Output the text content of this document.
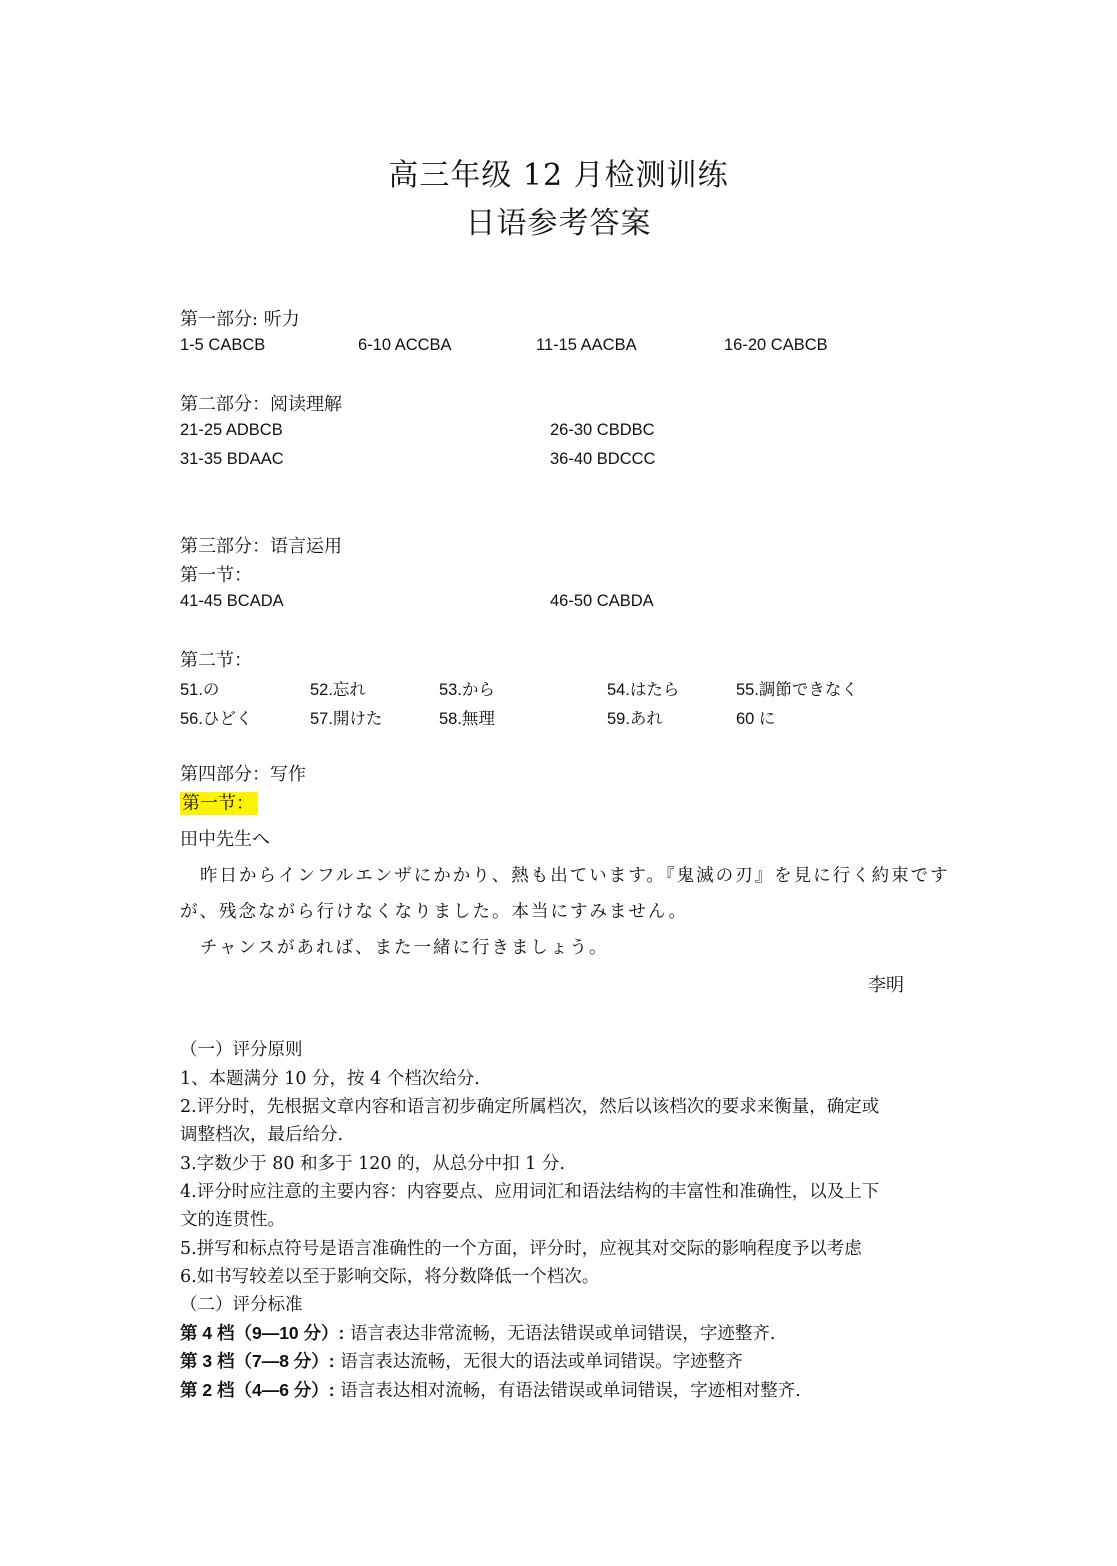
高三年级 12 月检测训练
日语参考答案
第一部分: 听力
1-5 CABCB	6-10 ACCBA	11-15 AACBA	16-20 CABCB
第二部分：阅读理解
21-25 ADBCB	26-30 CBDBC
31-35 BDAAC	36-40 BDCCC
第三部分：语言运用
第一节：
41-45 BCADA	46-50 CABDA
第二节：
51.の	52.忘れ	53.から	54.はたら	55.調節できなく
56.ひどく	57.開けた	58.無理	59.あれ	60 に
第四部分：写作
第一节：
田中先生へ
昨日からインフルエンザにかかり、熱も出ています。『鬼滅の刃』を見に行く約束です
が、残念ながら行けなくなりました。本当にすみません。
チャンスがあれば、また一緒に行きましょう。
李明
（一）评分原则
1、本题满分 10 分，按 4 个档次给分.
2.评分时，先根据文章内容和语言初步确定所属档次，然后以该档次的要求来衡量，确定或
调整档次，最后给分.
3.字数少于 80 和多于 120 的，从总分中扣 1 分.
4.评分时应注意的主要内容：内容要点、应用词汇和语法结构的丰富性和准确性，以及上下
文的连贯性。
5.拼写和标点符号是语言准确性的一个方面，评分时，应视其对交际的影响程度予以考虑
6.如书写较差以至于影响交际，将分数降低一个档次。
（二）评分标准
第 4 档（9—10 分）: 语言表达非常流畅，无语法错误或单词错误，字迹整齐.
第 3 档（7—8 分）: 语言表达流畅，无很大的语法或单词错误。字迹整齐
第 2 档（4—6 分）: 语言表达相对流畅，有语法错误或单词错误，字迹相对整齐.
